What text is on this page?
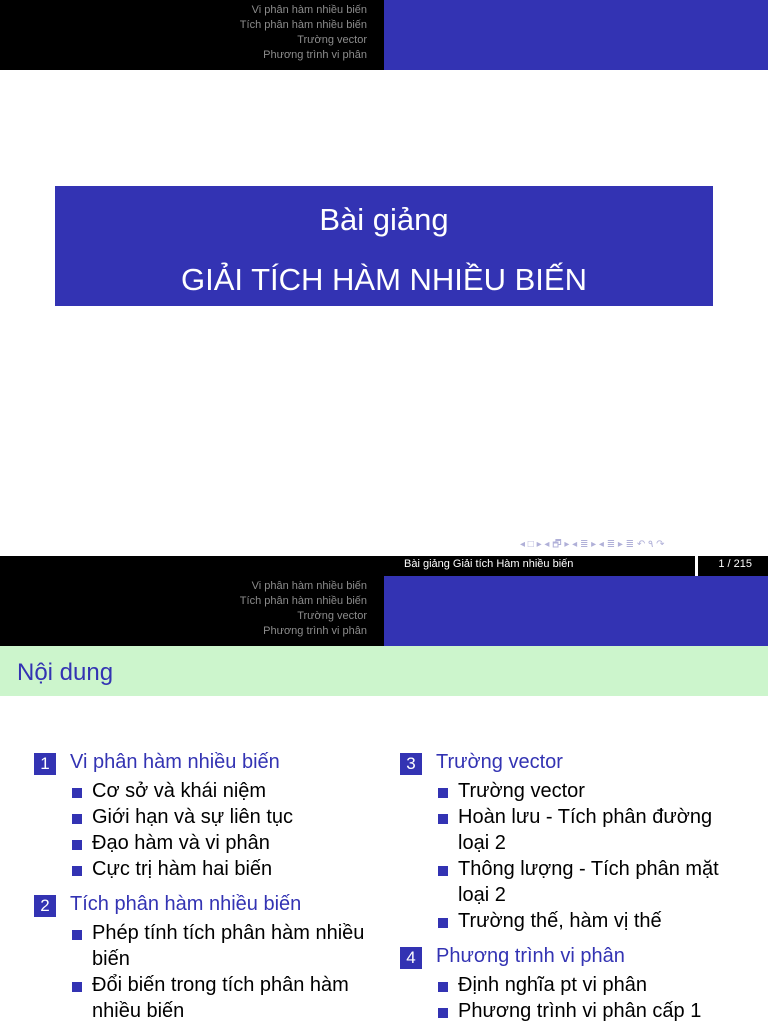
Vi phân hàm nhiều biến
Tích phân hàm nhiều biến
Trường vector
Phương trình vi phân
Bài giảng
GIẢI TÍCH HÀM NHIỀU BIẾN
◂ □ ▸ ◂ 🗗 ▸ ◂ ≣ ▸ ◂ ≣ ▸ ≣ ↶ ٩ ↷
Bài giảng Giải tích Hàm nhiều biến	1 / 215
Vi phân hàm nhiều biến
Tích phân hàm nhiều biến
Trường vector
Phương trình vi phân
Nội dung
1	Vi phân hàm nhiều biến
Cơ sở và khái niệm
Giới hạn và sự liên tục
Đạo hàm và vi phân
Cực trị hàm hai biến
2	Tích phân hàm nhiều biến
Phép tính tích phân hàm nhiều biến
Đổi biến trong tích phân hàm nhiều biến
3	Trường vector
Trường vector
Hoàn lưu - Tích phân đường loại 2
Thông lượng - Tích phân mặt loại 2
Trường thế, hàm vị thế
4	Phương trình vi phân
Định nghĩa pt vi phân
Phương trình vi phân cấp 1
